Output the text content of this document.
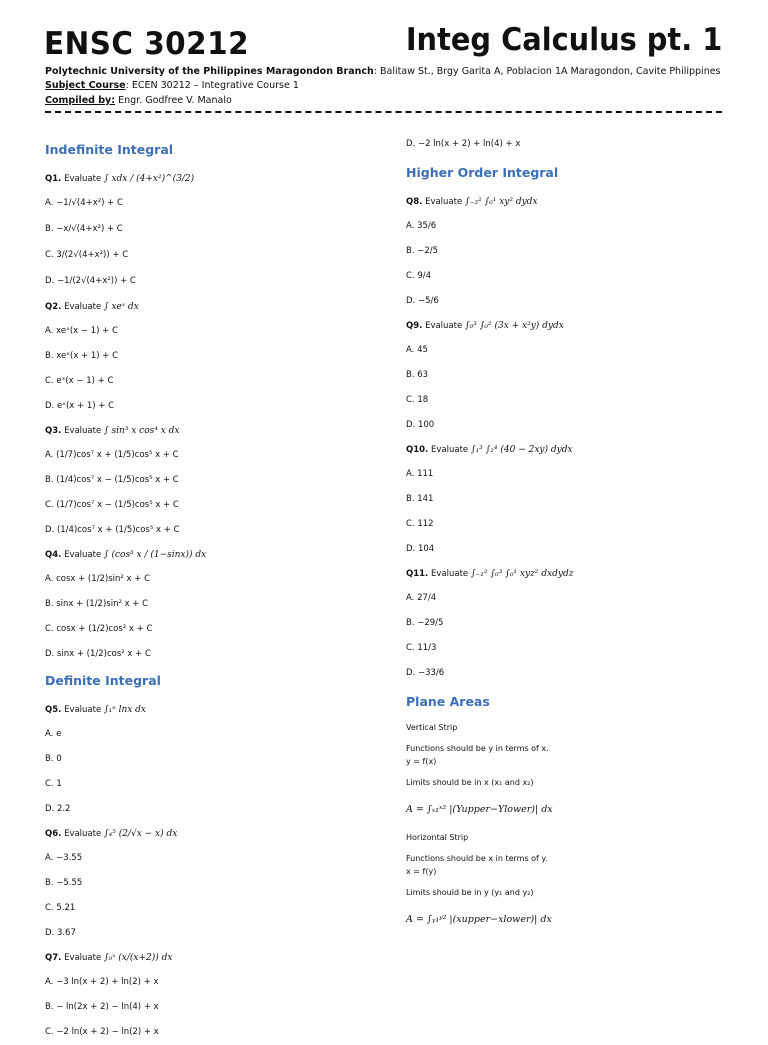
ENSC 30212	Integ Calculus pt. 1
Polytechnic University of the Philippines Maragondon Branch: Balitaw St., Brgy Garita A, Poblacion 1A Maragondon, Cavite Philippines
Subject Course: ECEN 30212 – Integrative Course 1
Compiled by: Engr. Godfree V. Manalo
Indefinite Integral
Q1. Evaluate ∫ xdx / (4+x²)^(3/2)
A. −1/√(4+x²) + C
B. −x/√(4+x²) + C
C. 3/(2√(4+x²)) + C
D. −1/(2√(4+x²)) + C
Q2. Evaluate ∫ xeˣ dx
A. xeˣ(x − 1) + C
B. xeˣ(x + 1) + C
C. eˣ(x − 1) + C
D. eˣ(x + 1) + C
Q3. Evaluate ∫ sin³ x cos⁴ x dx
A. (1/7)cos⁷ x + (1/5)cos⁵ x + C
B. (1/4)cos⁷ x − (1/5)cos⁵ x + C
C. (1/7)cos⁷ x − (1/5)cos⁵ x + C
D. (1/4)cos⁷ x + (1/5)cos⁵ x + C
Q4. Evaluate ∫ (cos³ x / (1−sinx)) dx
A. cosx + (1/2)sin² x + C
B. sinx + (1/2)sin² x + C
C. cosx + (1/2)cos² x + C
D. sinx + (1/2)cos² x + C
Definite Integral
Q5. Evaluate ∫₁ᵉ lnx dx
A. e
B. 0
C. 1
D. 2.2
Q6. Evaluate ∫₄⁵ (2/√x − x) dx
A. −3.55
B. −5.55
C. 5.21
D. 3.67
Q7. Evaluate ∫₀ˣ (x/(x+2)) dx
A. −3 ln(x + 2) + ln(2) + x
B. − ln(2x + 2) − ln(4) + x
C. −2 ln(x + 2) − ln(2) + x
D. −2 ln(x + 2) + ln(4) + x
Higher Order Integral
Q8. Evaluate ∫₋₃² ∫₀¹ xy² dydx
A. 35/6
B. −2/5
C. 9/4
D. −5/6
Q9. Evaluate ∫₀³ ∫₀² (3x + x²y) dydx
A. 45
B. 63
C. 18
D. 100
Q10. Evaluate ∫₁³ ∫₂⁴ (40 − 2xy) dydx
A. 111
B. 141
C. 112
D. 104
Q11. Evaluate ∫₋₁² ∫₀³ ∫₀¹ xyz² dxdydz
A. 27/4
B. −29/5
C. 11/3
D. −33/6
Plane Areas
Vertical Strip
Functions should be y in terms of x.
y = f(x)
Limits should be in x (x₁ and x₂)
A = ∫ₓ₁ˣ² |(Yupper−Ylower)| dx
Horizontal Strip
Functions should be x in terms of y.
x = f(y)
Limits should be in y (y₁ and y₂)
A = ∫ᵧ₁ʸ² |(xupper−xlower)| dx
